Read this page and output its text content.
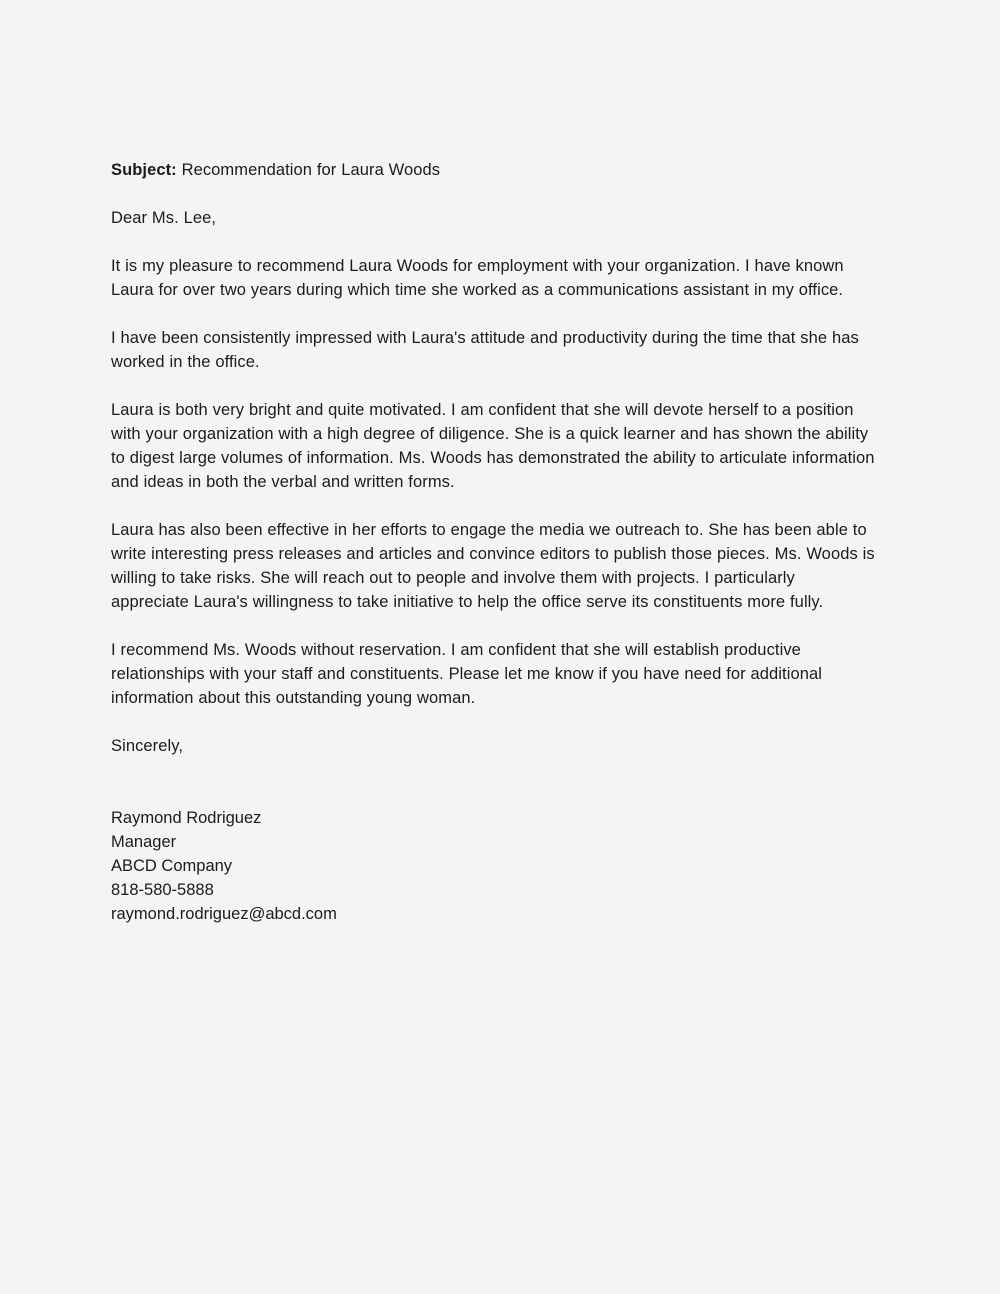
Subject: Recommendation for Laura Woods

Dear Ms. Lee,

It is my pleasure to recommend Laura Woods for employment with your organization. I have known Laura for over two years during which time she worked as a communications assistant in my office.

I have been consistently impressed with Laura's attitude and productivity during the time that she has worked in the office.

Laura is both very bright and quite motivated. I am confident that she will devote herself to a position with your organization with a high degree of diligence. She is a quick learner and has shown the ability to digest large volumes of information. Ms. Woods has demonstrated the ability to articulate information and ideas in both the verbal and written forms.

Laura has also been effective in her efforts to engage the media we outreach to. She has been able to write interesting press releases and articles and convince editors to publish those pieces. Ms. Woods is willing to take risks. She will reach out to people and involve them with projects. I particularly appreciate Laura's willingness to take initiative to help the office serve its constituents more fully.

I recommend Ms. Woods without reservation. I am confident that she will establish productive relationships with your staff and constituents. Please let me know if you have need for additional information about this outstanding young woman.

Sincerely,

Raymond Rodriguez
Manager
ABCD Company
818-580-5888
raymond.rodriguez@abcd.com
